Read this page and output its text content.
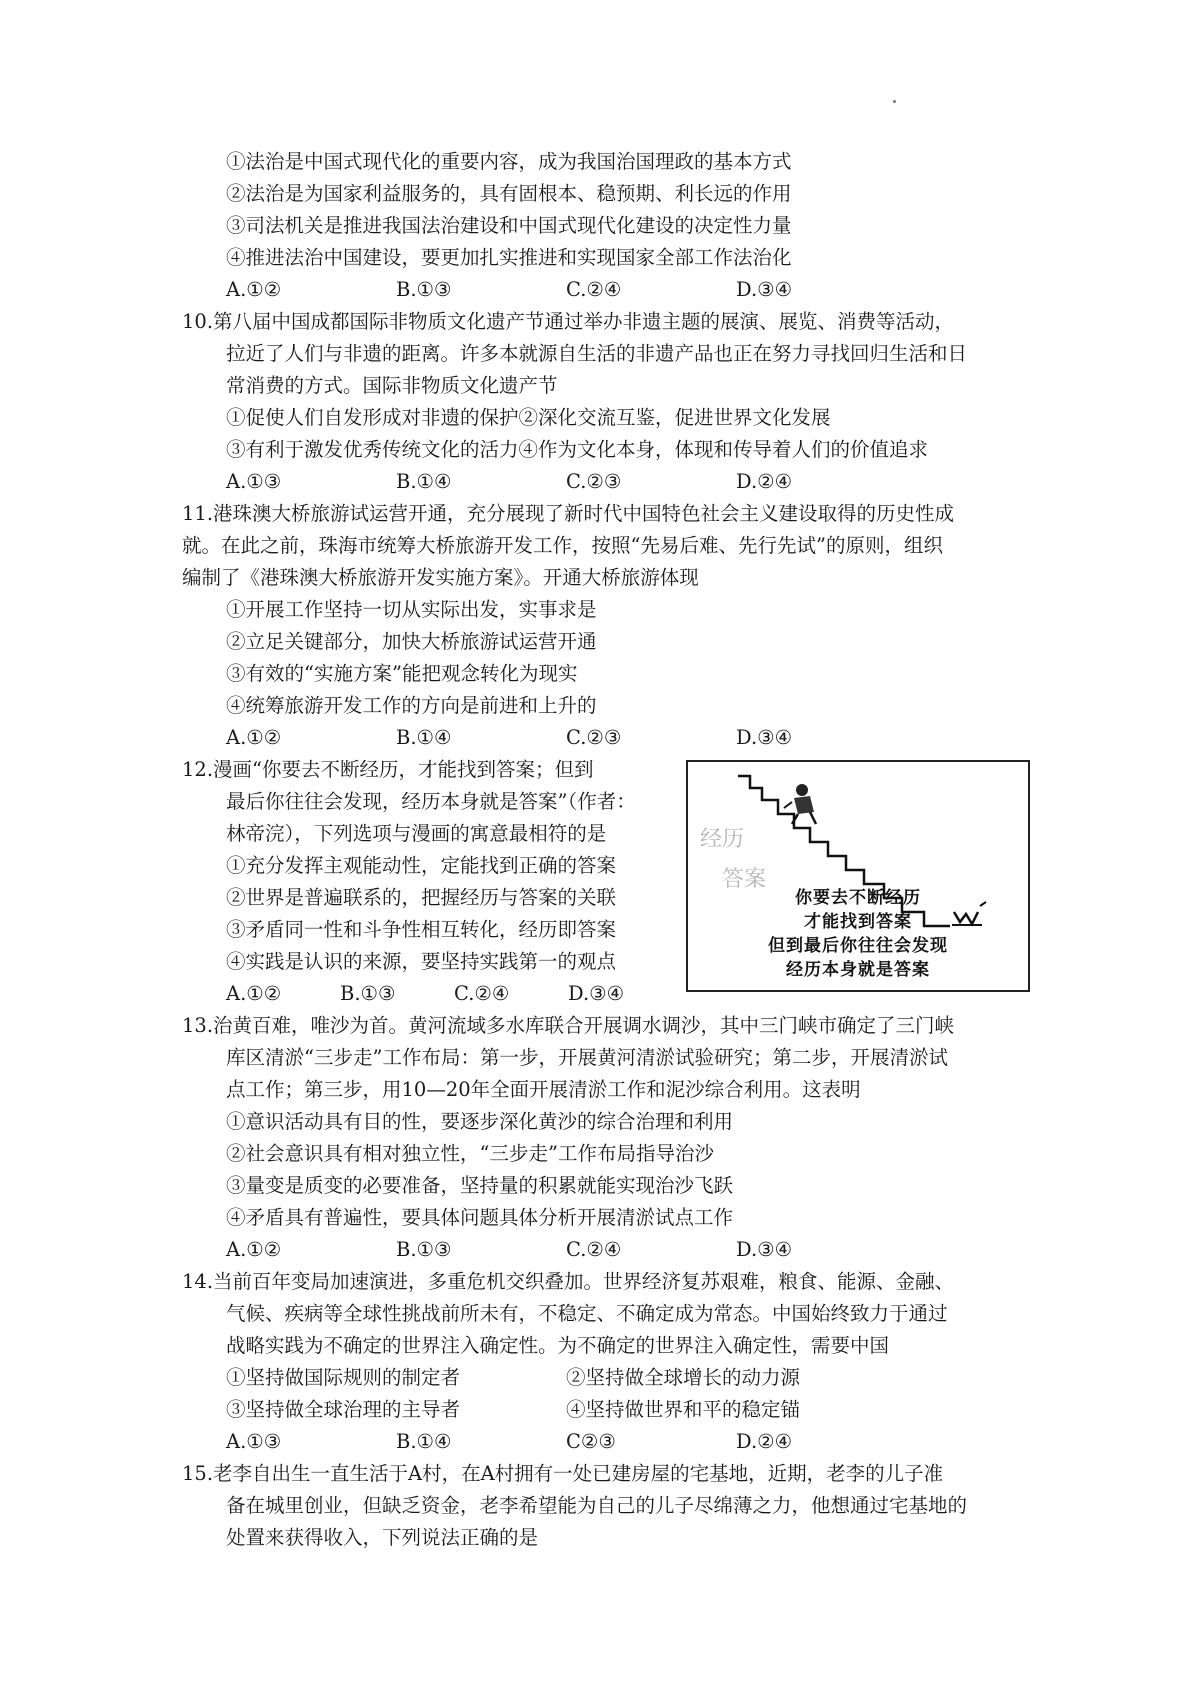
①法治是中国式现代化的重要内容，成为我国治国理政的基本方式
②法治是为国家利益服务的，具有固根本、稳预期、利长远的作用
③司法机关是推进我国法治建设和中国式现代化建设的决定性力量
④推进法治中国建设，要更加扎实推进和实现国家全部工作法治化
A.①②	B.①③	C.②④	D.③④
10.第八届中国成都国际非物质文化遗产节通过举办非遗主题的展演、展览、消费等活动，
拉近了人们与非遗的距离。许多本就源自生活的非遗产品也正在努力寻找回归生活和日
常消费的方式。国际非物质文化遗产节
①促使人们自发形成对非遗的保护②深化交流互鉴，促进世界文化发展
③有利于激发优秀传统文化的活力④作为文化本身，体现和传导着人们的价值追求
A.①③	B.①④	C.②③	D.②④
11.港珠澳大桥旅游试运营开通，充分展现了新时代中国特色社会主义建设取得的历史性成
就。在此之前，珠海市统筹大桥旅游开发工作，按照“先易后难、先行先试”的原则，组织
编制了《港珠澳大桥旅游开发实施方案》。开通大桥旅游体现
①开展工作坚持一切从实际出发，实事求是
②立足关键部分，加快大桥旅游试运营开通
③有效的“实施方案”能把观念转化为现实
④统筹旅游开发工作的方向是前进和上升的
A.①②	B.①④	C.②③	D.③④
12.漫画“你要去不断经历，才能找到答案；但到
最后你往往会发现，经历本身就是答案”（作者：
林帝浣），下列选项与漫画的寓意最相符的是
①充分发挥主观能动性，定能找到正确的答案
②世界是普遍联系的，把握经历与答案的关联
③矛盾同一性和斗争性相互转化，经历即答案
④实践是认识的来源，要坚持实践第一的观点
A.①②	B.①③	C.②④	D.③④
经历
答案
你要去不断经历
才能找到答案
但到最后你往往会发现
经历本身就是答案
13.治黄百难，唯沙为首。黄河流域多水库联合开展调水调沙，其中三门峡市确定了三门峡
库区清淤“三步走”工作布局：第一步，开展黄河清淤试验研究；第二步，开展清淤试
点工作；第三步，用10—20年全面开展清淤工作和泥沙综合利用。这表明
①意识活动具有目的性，要逐步深化黄沙的综合治理和利用
②社会意识具有相对独立性，“三步走”工作布局指导治沙
③量变是质变的必要准备，坚持量的积累就能实现治沙飞跃
④矛盾具有普遍性，要具体问题具体分析开展清淤试点工作
A.①②	B.①③	C.②④	D.③④
14.当前百年变局加速演进，多重危机交织叠加。世界经济复苏艰难，粮食、能源、金融、
气候、疾病等全球性挑战前所未有，不稳定、不确定成为常态。中国始终致力于通过
战略实践为不确定的世界注入确定性。为不确定的世界注入确定性，需要中国
①坚持做国际规则的制定者	②坚持做全球增长的动力源
③坚持做全球治理的主导者	④坚持做世界和平的稳定锚
A.①③	B.①④	C②③	D.②④
15.老李自出生一直生活于A村，在A村拥有一处已建房屋的宅基地，近期，老李的儿子准
备在城里创业，但缺乏资金，老李希望能为自己的儿子尽绵薄之力，他想通过宅基地的
处置来获得收入，下列说法正确的是
